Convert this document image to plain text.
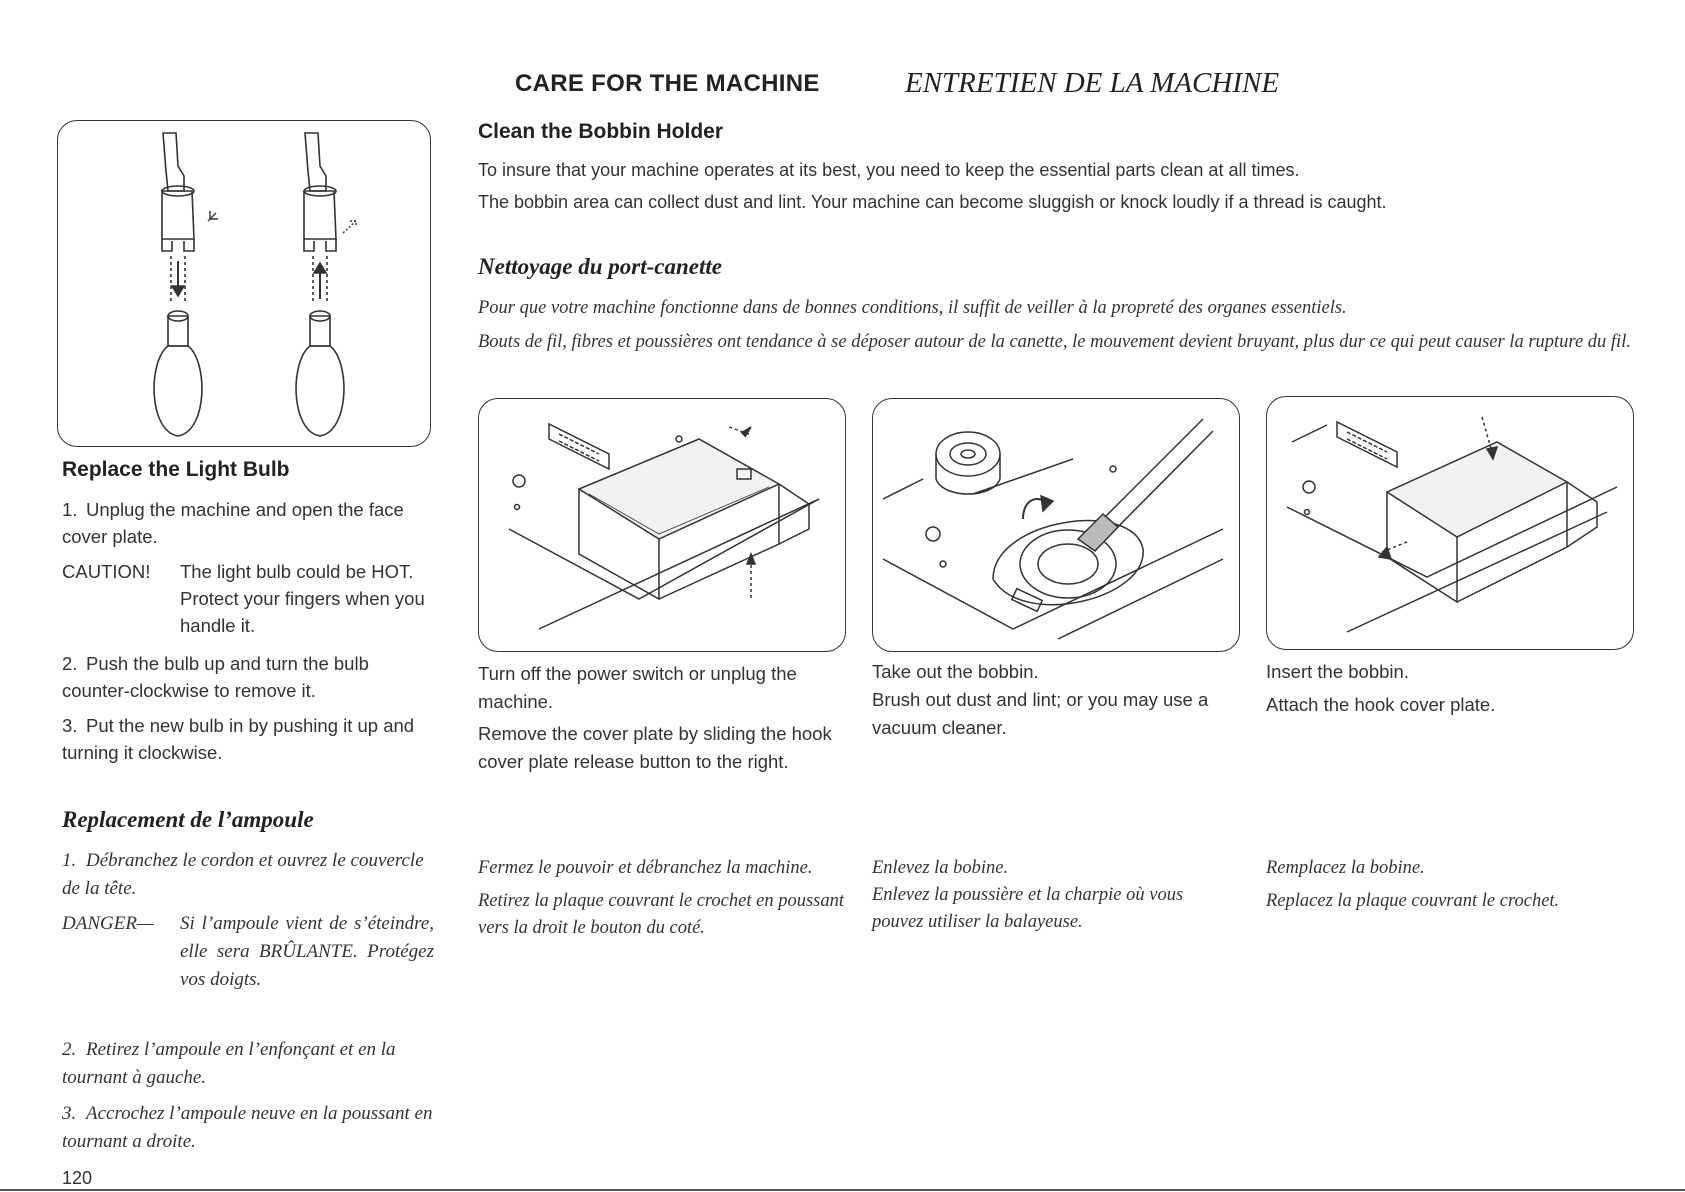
CARE FOR THE MACHINE	ENTRETIEN DE LA MACHINE
Replace the Light Bulb
1. Unplug the machine and open the face cover plate.
CAUTION!	The light bulb could be HOT. Protect your fingers when you handle it.
2. Push the bulb up and turn the bulb counter-clockwise to remove it.
3. Put the new bulb in by pushing it up and turning it clockwise.
Replacement de l’ampoule
1. Débranchez le cordon et ouvrez le couvercle de la tête.
DANGER—	Si l’ampoule vient de s’éteindre, elle sera BRÛLANTE. Protégez vos doigts.
2. Retirez l’ampoule en l’enfonçant et en la tournant à gauche.
3. Accrochez l’ampoule neuve en la poussant en tournant a droite.
Clean the Bobbin Holder
To insure that your machine operates at its best, you need to keep the essential parts clean at all times.
The bobbin area can collect dust and lint. Your machine can become sluggish or knock loudly if a thread is caught.
Nettoyage du port-canette
Pour que votre machine fonctionne dans de bonnes conditions, il suffit de veiller à la propreté des organes essentiels.
Bouts de fil, fibres et poussières ont tendance à se déposer autour de la canette, le mouvement devient bruyant, plus dur ce qui peut causer la rupture du fil.
Turn off the power switch or unplug the machine.
Remove the cover plate by sliding the hook cover plate release button to the right.
Take out the bobbin.
Brush out dust and lint; or you may use a vacuum cleaner.
Insert the bobbin.
Attach the hook cover plate.
Fermez le pouvoir et débranchez la machine.
Retirez la plaque couvrant le crochet en poussant vers la droit le bouton du coté.
Enlevez la bobine.
Enlevez la poussière et la charpie où vous pouvez utiliser la balayeuse.
Remplacez la bobine.
Replacez la plaque couvrant le crochet.
120
